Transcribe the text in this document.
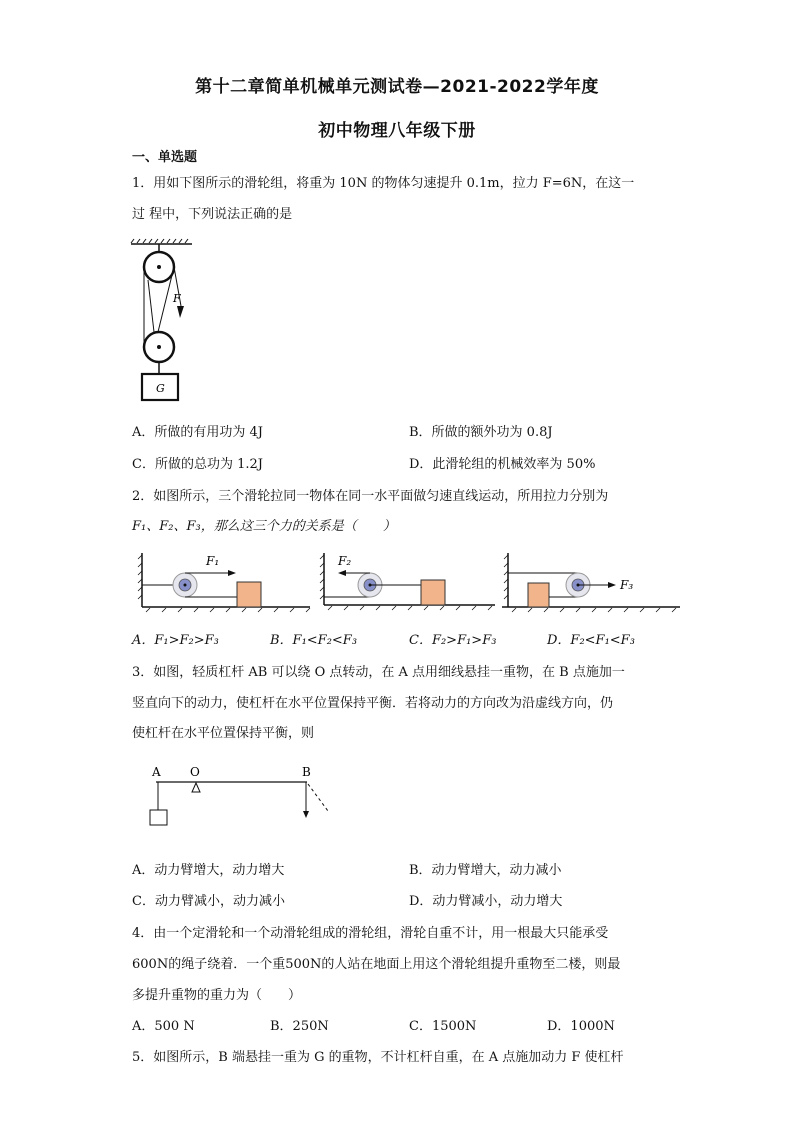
第十二章简单机械单元测试卷—2021-2022学年度
初中物理八年级下册
一、单选题
1．用如下图所示的滑轮组，将重为 10N 的物体匀速提升 0.1m，拉力 F=6N，在这一
过 程中，下列说法正确的是
F
G
A．所做的有用功为 4J	B．所做的额外功为 0.8J
C．所做的总功为 1.2J	D．此滑轮组的机械效率为 50%
2．如图所示，三个滑轮拉同一物体在同一水平面做匀速直线运动，所用拉力分别为
F₁、F₂、F₃，那么这三个力的关系是（　　）
F₁	F₂
F₃
A．F₁>F₂>F₃	B．F₁<F₂<F₃	C．F₂>F₁>F₃	D．F₂<F₁<F₃
3．如图，轻质杠杆 AB 可以绕 O 点转动，在 A 点用细线悬挂一重物，在 B 点施加一
竖直向下的动力，使杠杆在水平位置保持平衡．若将动力的方向改为沿虚线方向，仍
使杠杆在水平位置保持平衡，则
A O	B
A．动力臂增大，动力增大	B．动力臂增大，动力减小
C．动力臂减小，动力减小	D．动力臂减小，动力增大
4．由一个定滑轮和一个动滑轮组成的滑轮组，滑轮自重不计，用一根最大只能承受
600N的绳子绕着．一个重500N的人站在地面上用这个滑轮组提升重物至二楼，则最
多提升重物的重力为（　　）
A．500 N	B．250N	C．1500N	D．1000N
5．如图所示，B 端悬挂一重为 G 的重物，不计杠杆自重，在 A 点施加动力 F 使杠杆
